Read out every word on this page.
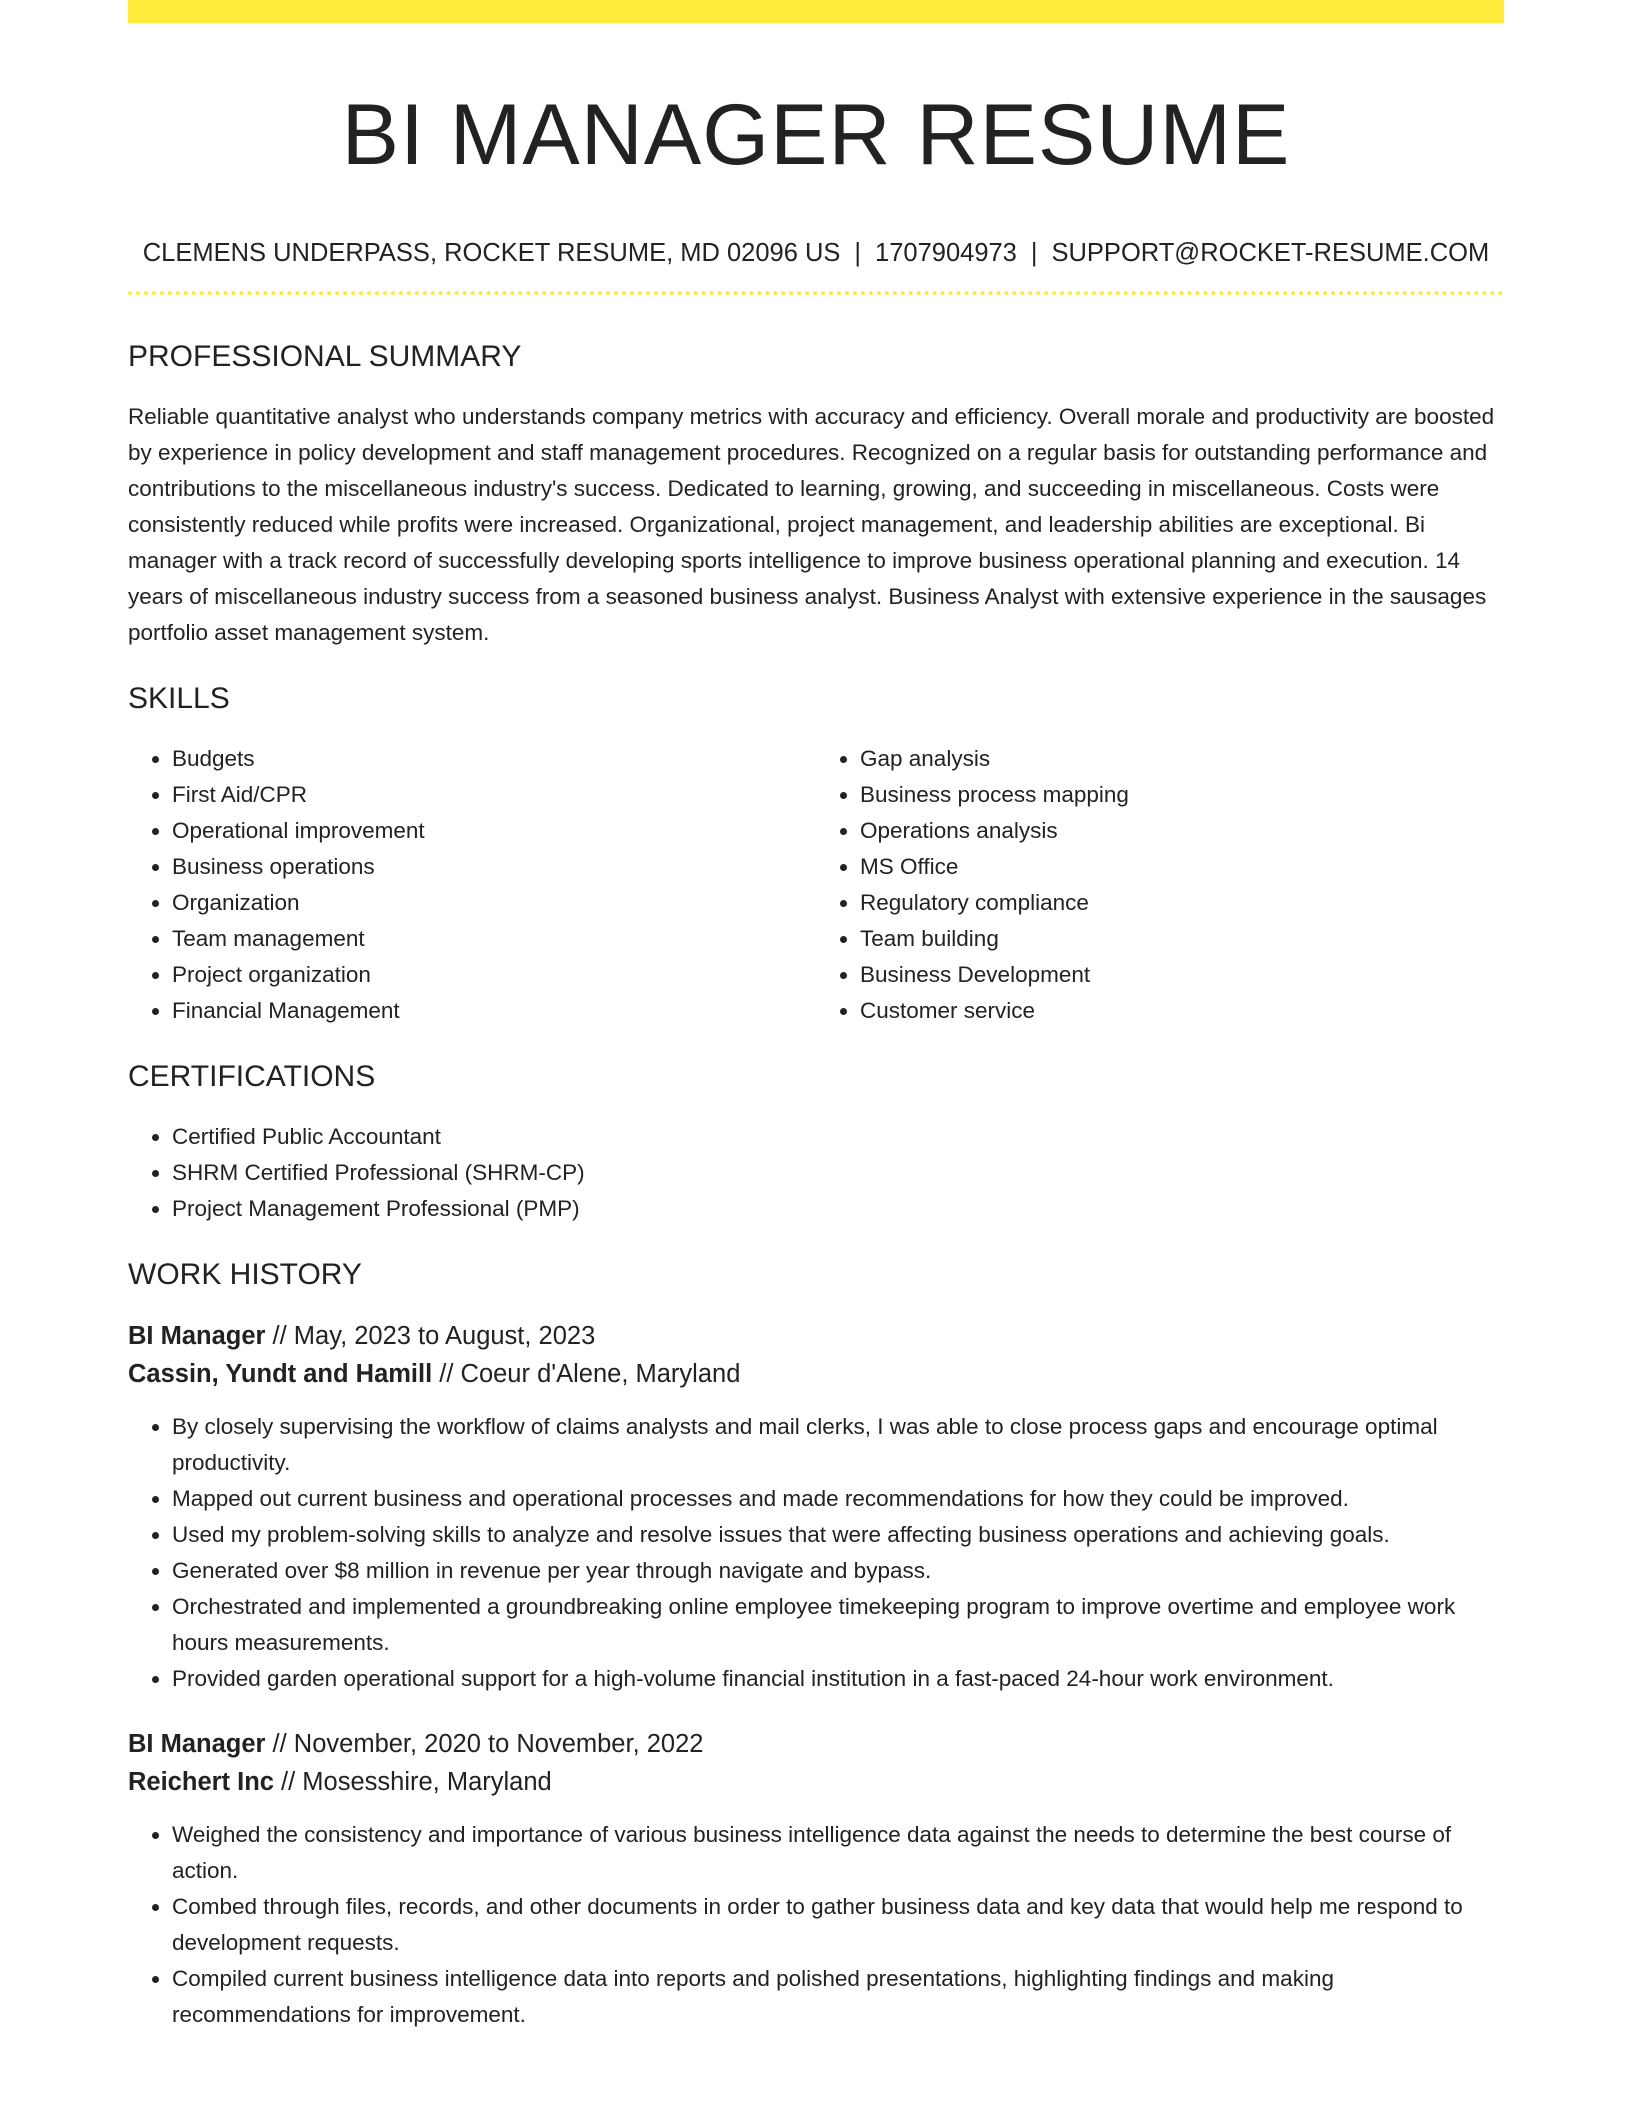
BI MANAGER RESUME
CLEMENS UNDERPASS, ROCKET RESUME, MD 02096 US | 1707904973 | SUPPORT@ROCKET-RESUME.COM
PROFESSIONAL SUMMARY

Reliable quantitative analyst who understands company metrics with accuracy and efficiency. Overall morale and productivity are boosted by experience in policy development and staff management procedures. Recognized on a regular basis for outstanding performance and contributions to the miscellaneous industry's success. Dedicated to learning, growing, and succeeding in miscellaneous. Costs were consistently reduced while profits were increased. Organizational, project management, and leadership abilities are exceptional. Bi manager with a track record of successfully developing sports intelligence to improve business operational planning and execution. 14 years of miscellaneous industry success from a seasoned business analyst. Business Analyst with extensive experience in the sausages portfolio asset management system.

SKILLS
• Budgets
• First Aid/CPR
• Operational improvement
• Business operations
• Organization
• Team management
• Project organization
• Financial Management
• Gap analysis
• Business process mapping
• Operations analysis
• MS Office
• Regulatory compliance
• Team building
• Business Development
• Customer service
CERTIFICATIONS
• Certified Public Accountant
• SHRM Certified Professional (SHRM-CP)
• Project Management Professional (PMP)
WORK HISTORY
BI Manager // May, 2023 to August, 2023
Cassin, Yundt and Hamill // Coeur d'Alene, Maryland
• By closely supervising the workflow of claims analysts and mail clerks, I was able to close process gaps and encourage optimal productivity.
• Mapped out current business and operational processes and made recommendations for how they could be improved.
• Used my problem-solving skills to analyze and resolve issues that were affecting business operations and achieving goals.
• Generated over $8 million in revenue per year through navigate and bypass.
• Orchestrated and implemented a groundbreaking online employee timekeeping program to improve overtime and employee work hours measurements.
• Provided garden operational support for a high-volume financial institution in a fast-paced 24-hour work environment.
BI Manager // November, 2020 to November, 2022
Reichert Inc // Mosesshire, Maryland
• Weighed the consistency and importance of various business intelligence data against the needs to determine the best course of action.
• Combed through files, records, and other documents in order to gather business data and key data that would help me respond to development requests.
• Compiled current business intelligence data into reports and polished presentations, highlighting findings and making recommendations for improvement.
